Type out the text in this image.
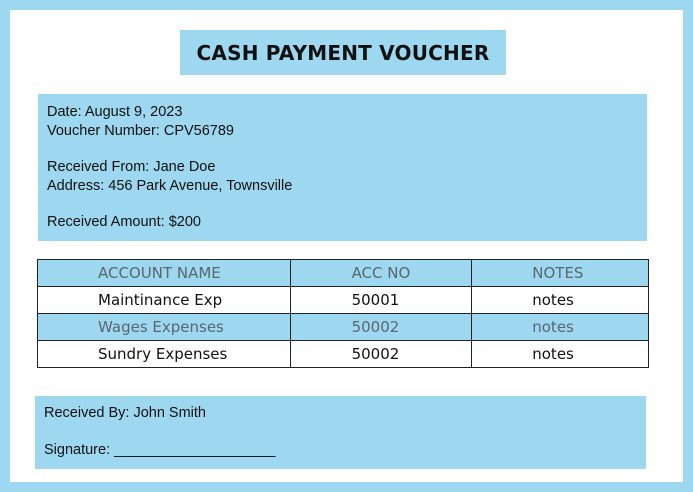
CASH PAYMENT VOUCHER
Date: August 9, 2023
Voucher Number: CPV56789
Received From: Jane Doe
Address: 456 Park Avenue, Townsville
Received Amount: $200
ACCOUNT NAME	ACC NO	NOTES
Maintinance Exp	50001	notes
Wages Expenses	50002	notes
Sundry Expenses	50002	notes
Received By: John Smith
Signature: ____________________
